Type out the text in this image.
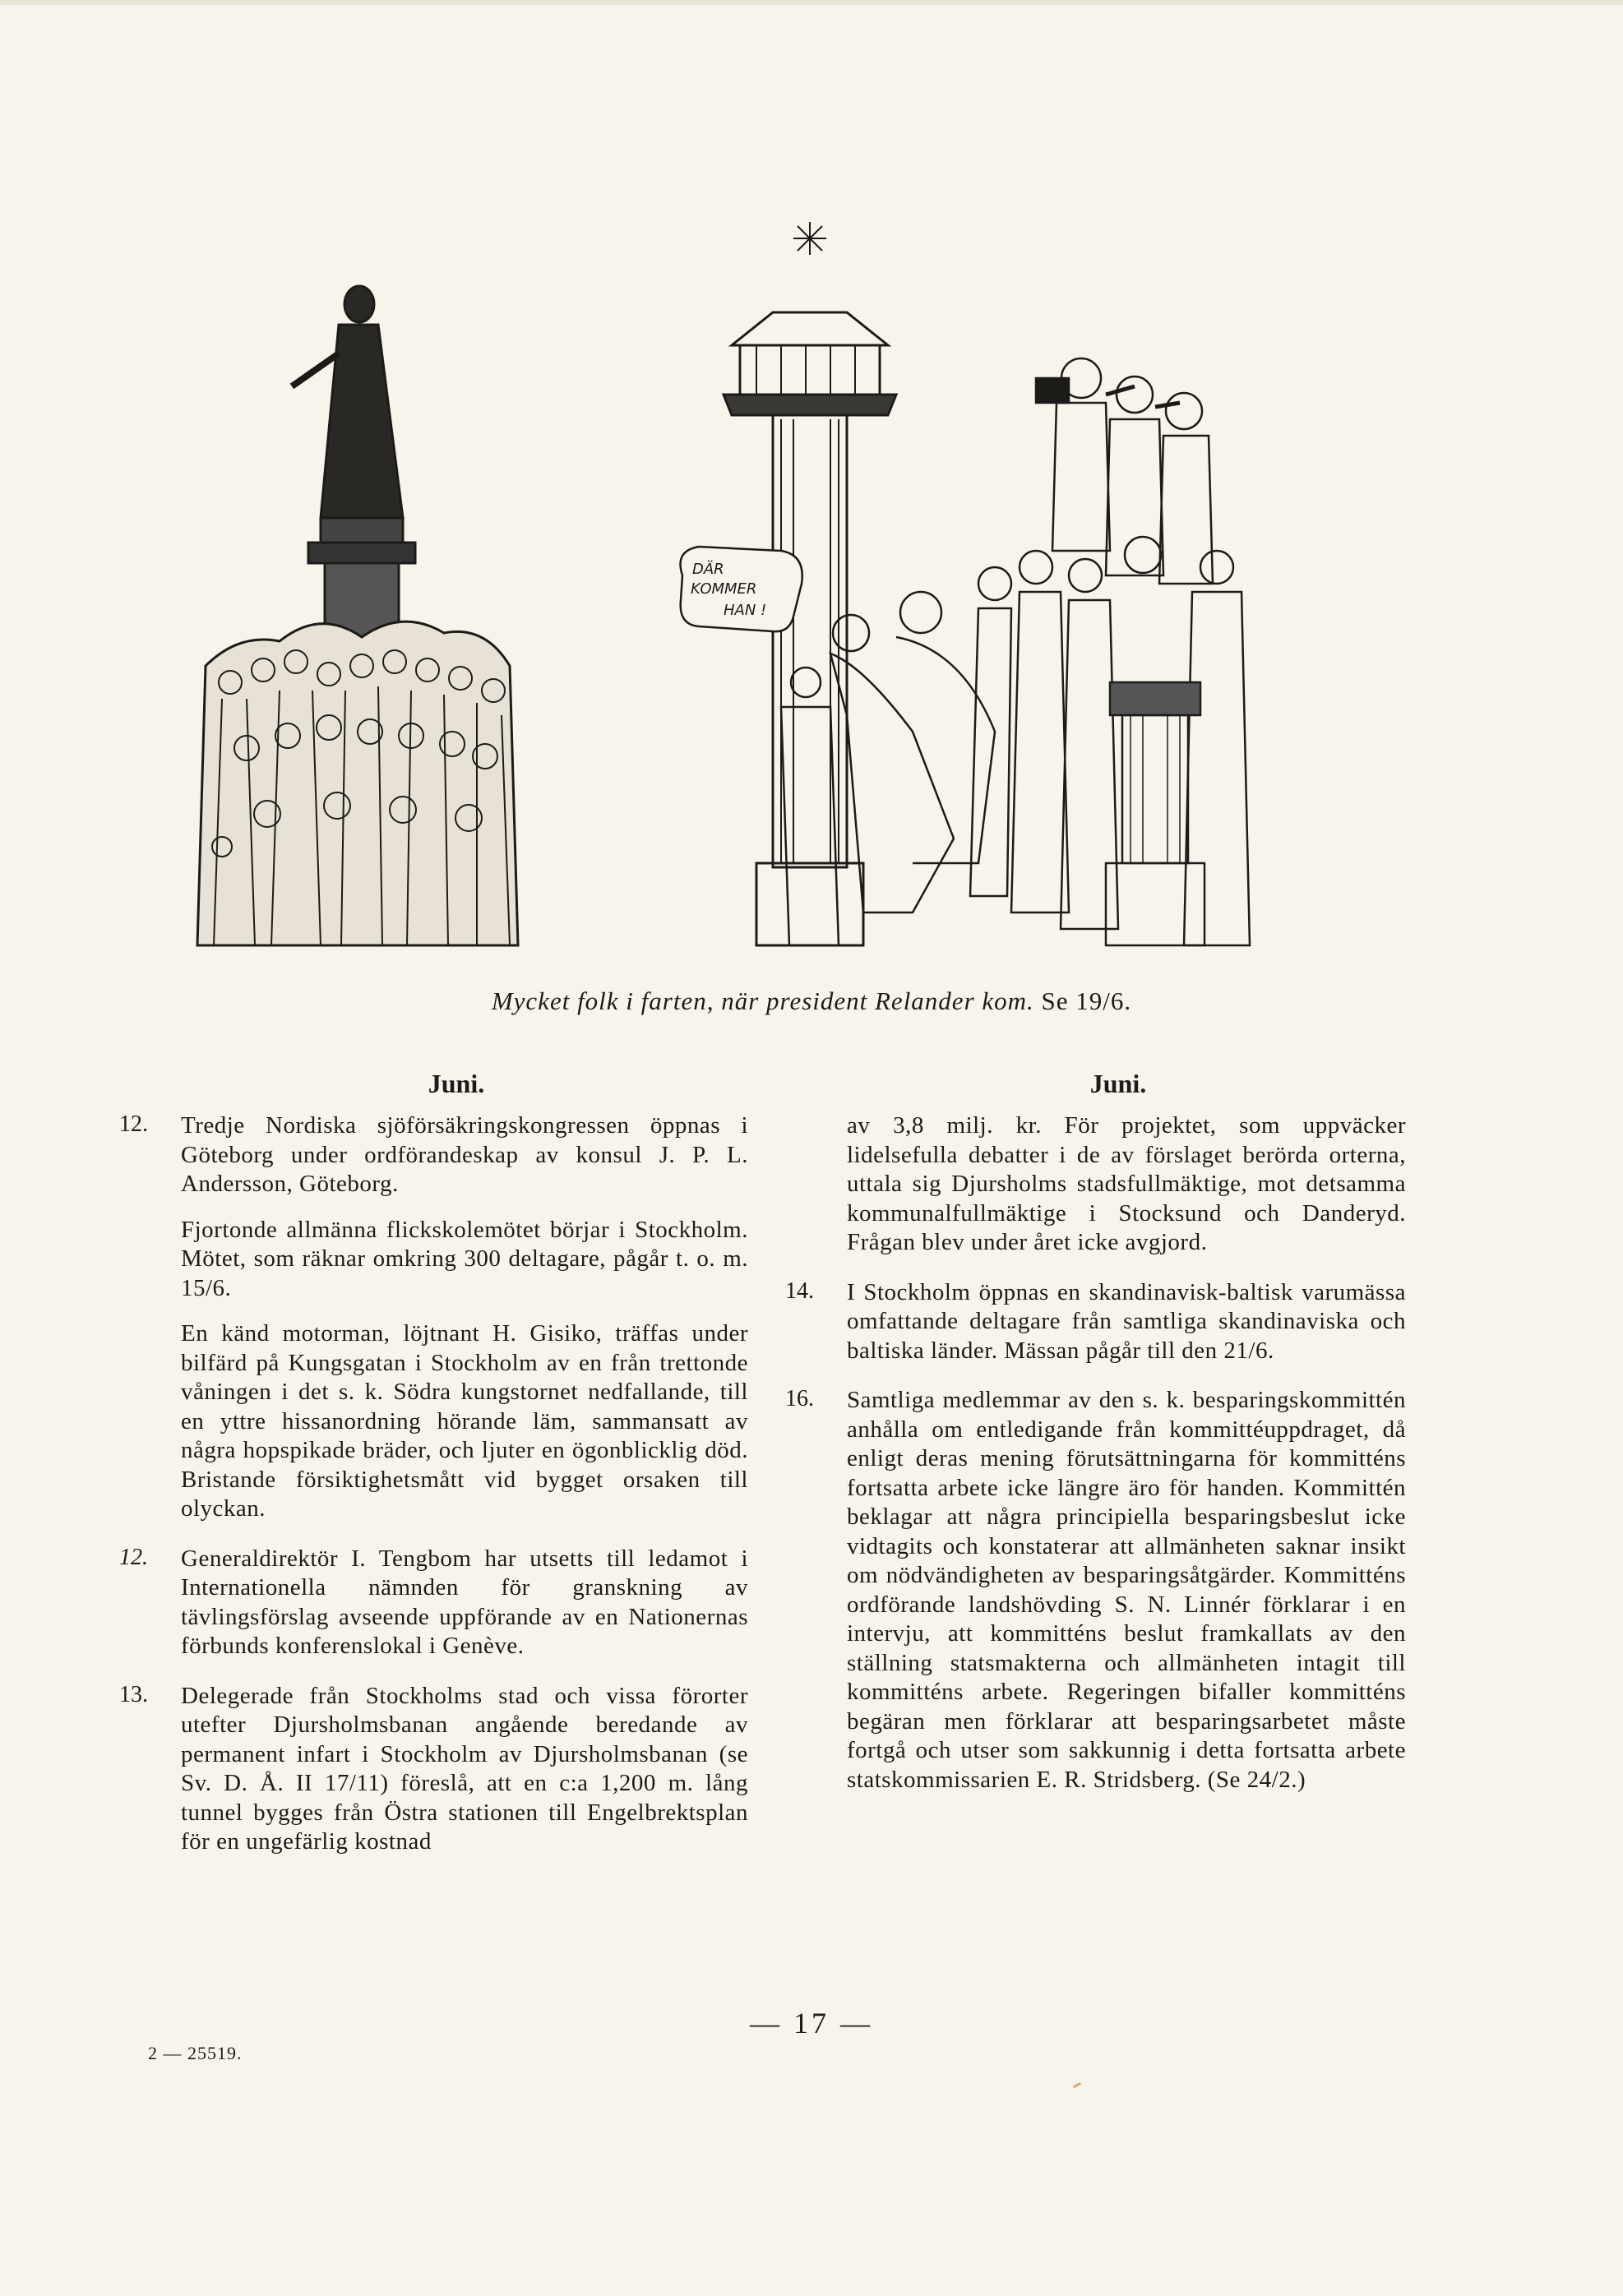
DÄR
KOMMER
HAN !
Mycket folk i farten, när president Relander kom. Se 19/6.
Juni.
12.	Tredje Nordiska sjöförsäkringskongressen öppnas i Göteborg under ordförandeskap av konsul J. P. L. Andersson, Göteborg.

Fjortonde allmänna flickskolemötet börjar i Stockholm. Mötet, som räknar omkring 300 deltagare, pågår t. o. m. 15/6.

En känd motorman, löjtnant H. Gisiko, träffas under bilfärd på Kungsgatan i Stockholm av en från trettonde våningen i det s. k. Södra kungstornet nedfallande, till en yttre hissanordning hörande läm, sammansatt av några hopspikade bräder, och ljuter en ögonblicklig död. Bristande försiktighetsmått vid bygget orsaken till olyckan.

12.	Generaldirektör I. Tengbom har utsetts till ledamot i Internationella nämnden för granskning av tävlingsförslag avseende uppförande av en Nationernas förbunds konferenslokal i Genève.

13.	Delegerade från Stockholms stad och vissa förorter utefter Djursholmsbanan angående beredande av permanent infart i Stockholm av Djursholmsbanan (se Sv. D. Å. II 17/11) föreslå, att en c:a 1,200 m. lång tunnel bygges från Östra stationen till Engelbrektsplan för en ungefärlig kostnad

Juni.

av 3,8 milj. kr. För projektet, som uppväcker lidelsefulla debatter i de av förslaget berörda orterna, uttala sig Djursholms stadsfullmäktige, mot detsamma kommunalfullmäktige i Stocksund och Danderyd. Frågan blev under året icke avgjord.

14.	I Stockholm öppnas en skandinavisk-baltisk varumässa omfattande deltagare från samtliga skandinaviska och baltiska länder. Mässan pågår till den 21/6.

16.	Samtliga medlemmar av den s. k. besparingskommittén anhålla om entledigande från kommittéuppdraget, då enligt deras mening förutsättningarna för kommitténs fortsatta arbete icke längre äro för handen. Kommittén beklagar att några principiella besparingsbeslut icke vidtagits och konstaterar att allmänheten saknar insikt om nödvändigheten av besparingsåtgärder. Kommitténs ordförande landshövding S. N. Linnér förklarar i en intervju, att kommitténs beslut framkallats av den ställning statsmakterna och allmänheten intagit till kommitténs arbete. Regeringen bifaller kommitténs begäran men förklarar att besparingsarbetet måste fortgå och utser som sakkunnig i detta fortsatta arbete statskommissarien E. R. Stridsberg. (Se 24/2.)

— 17 —
2 — 25519.
